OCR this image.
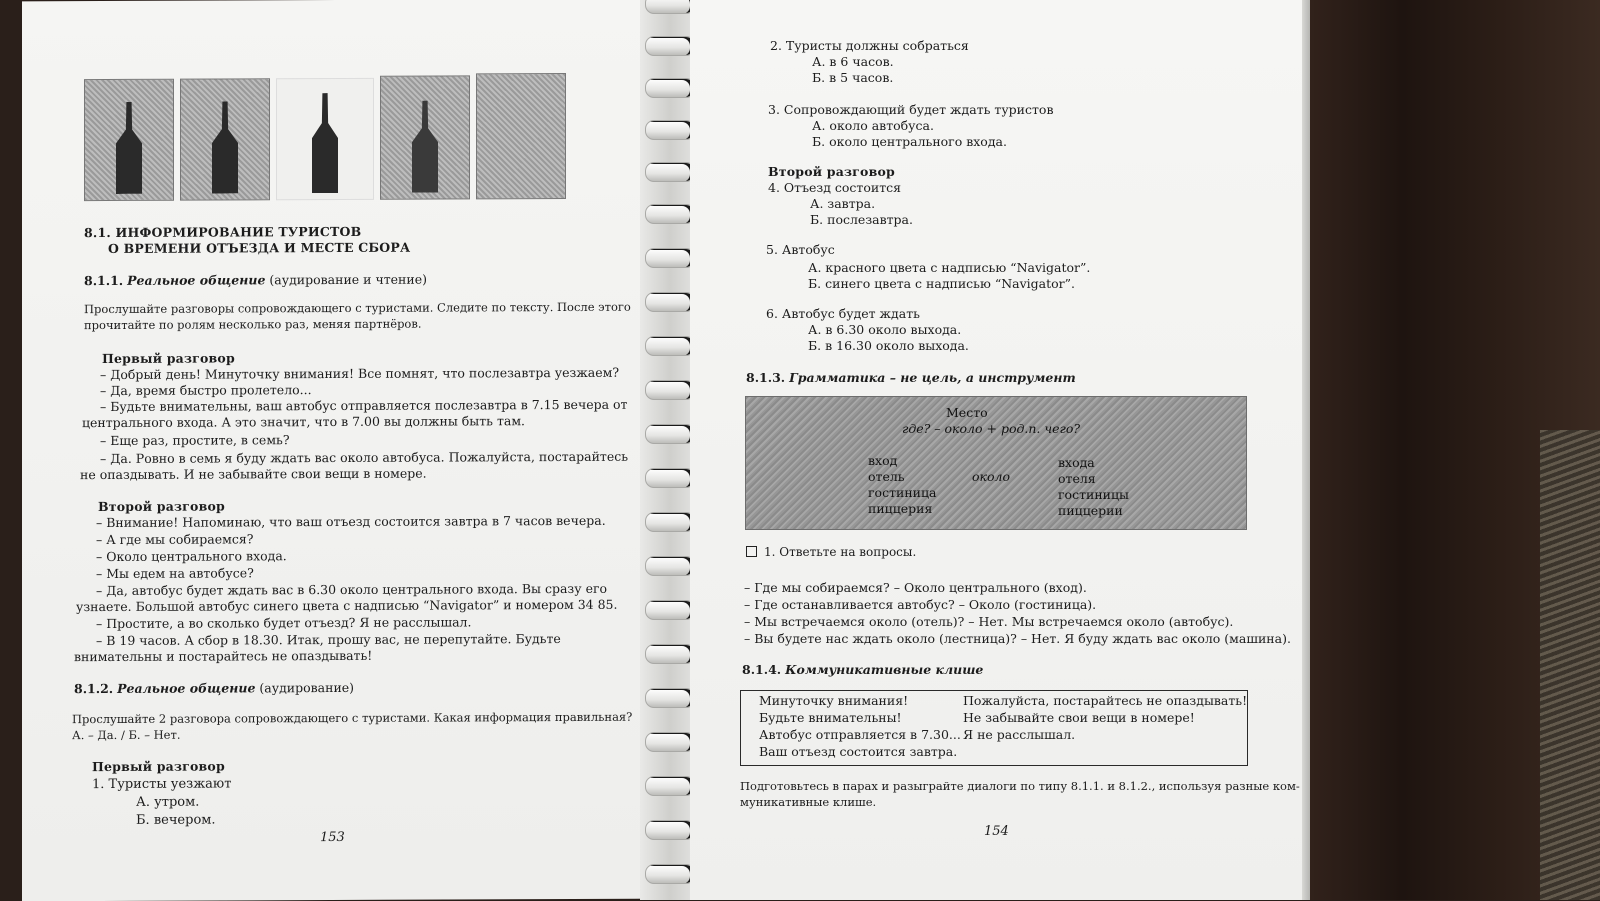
8.1. ИНФОРМИРОВАНИЕ ТУРИСТОВ
О ВРЕМЕНИ ОТЪЕЗДА И МЕСТЕ СБОРА
8.1.1. Реальное общение (аудирование и чтение)
Прослушайте разговоры сопровождающего с туристами. Следите по тексту. После этого
прочитайте по ролям несколько раз, меняя партнёров.
Первый разговор
– Добрый день! Минуточку внимания! Все помнят, что послезавтра уезжаем?
– Да, время быстро пролетело...
– Будьте внимательны, ваш автобус отправляется послезавтра в 7.15 вечера от
центрального входа. А это значит, что в 7.00 вы должны быть там.
– Еще раз, простите, в семь?
– Да. Ровно в семь я буду ждать вас около автобуса. Пожалуйста, постарайтесь
не опаздывать. И не забывайте свои вещи в номере.
Второй разговор
– Внимание! Напоминаю, что ваш отъезд состоится завтра в 7 часов вечера.
– А где мы собираемся?
– Около центрального входа.
– Мы едем на автобусе?
– Да, автобус будет ждать вас в 6.30 около центрального входа. Вы сразу его
узнаете. Большой автобус синего цвета с надписью “Navigator” и номером 34 85.
– Простите, а во сколько будет отъезд? Я не расслышал.
– В 19 часов. А сбор в 18.30. Итак, прошу вас, не перепутайте. Будьте
внимательны и постарайтесь не опаздывать!
8.1.2. Реальное общение (аудирование)
Прослушайте 2 разговора сопровождающего с туристами. Какая информация правильная?
А. – Да. / Б. – Нет.
Первый разговор
1. Туристы уезжают
А. утром.
Б. вечером.
153
2. Туристы должны собраться
А. в 6 часов.
Б. в 5 часов.
3. Сопровождающий будет ждать туристов
А. около автобуса.
Б. около центрального входа.
Второй разговор
4. Отъезд состоится
А. завтра.
Б. послезавтра.
5. Автобус
А. красного цвета с надписью “Navigator”.
Б. синего цвета с надписью “Navigator”.
6. Автобус будет ждать
А. в 6.30 около выхода.
Б. в 16.30 около выхода.
8.1.3. Грамматика – не цель, а инструмент
Место
где? – около + род.п. чего?
вход
отель
гостиница
пиццерия
около
входа
отеля
гостиницы
пиццерии
1. Ответьте на вопросы.
– Где мы собираемся? – Около центрального (вход).
– Где останавливается автобус? – Около (гостиница).
– Мы встречаемся около (отель)? – Нет. Мы встречаемся около (автобус).
– Вы будете нас ждать около (лестница)? – Нет. Я буду ждать вас около (машина).
8.1.4. Коммуникативные клише
Минуточку внимания!
Будьте внимательны!
Автобус отправляется в 7.30...
Ваш отъезд состоится завтра.
Пожалуйста, постарайтесь не опаздывать!
Не забывайте свои вещи в номере!
Я не расслышал.
Подготовьтесь в парах и разыграйте диалоги по типу 8.1.1. и 8.1.2., используя разные ком-
муникативные клише.
154
